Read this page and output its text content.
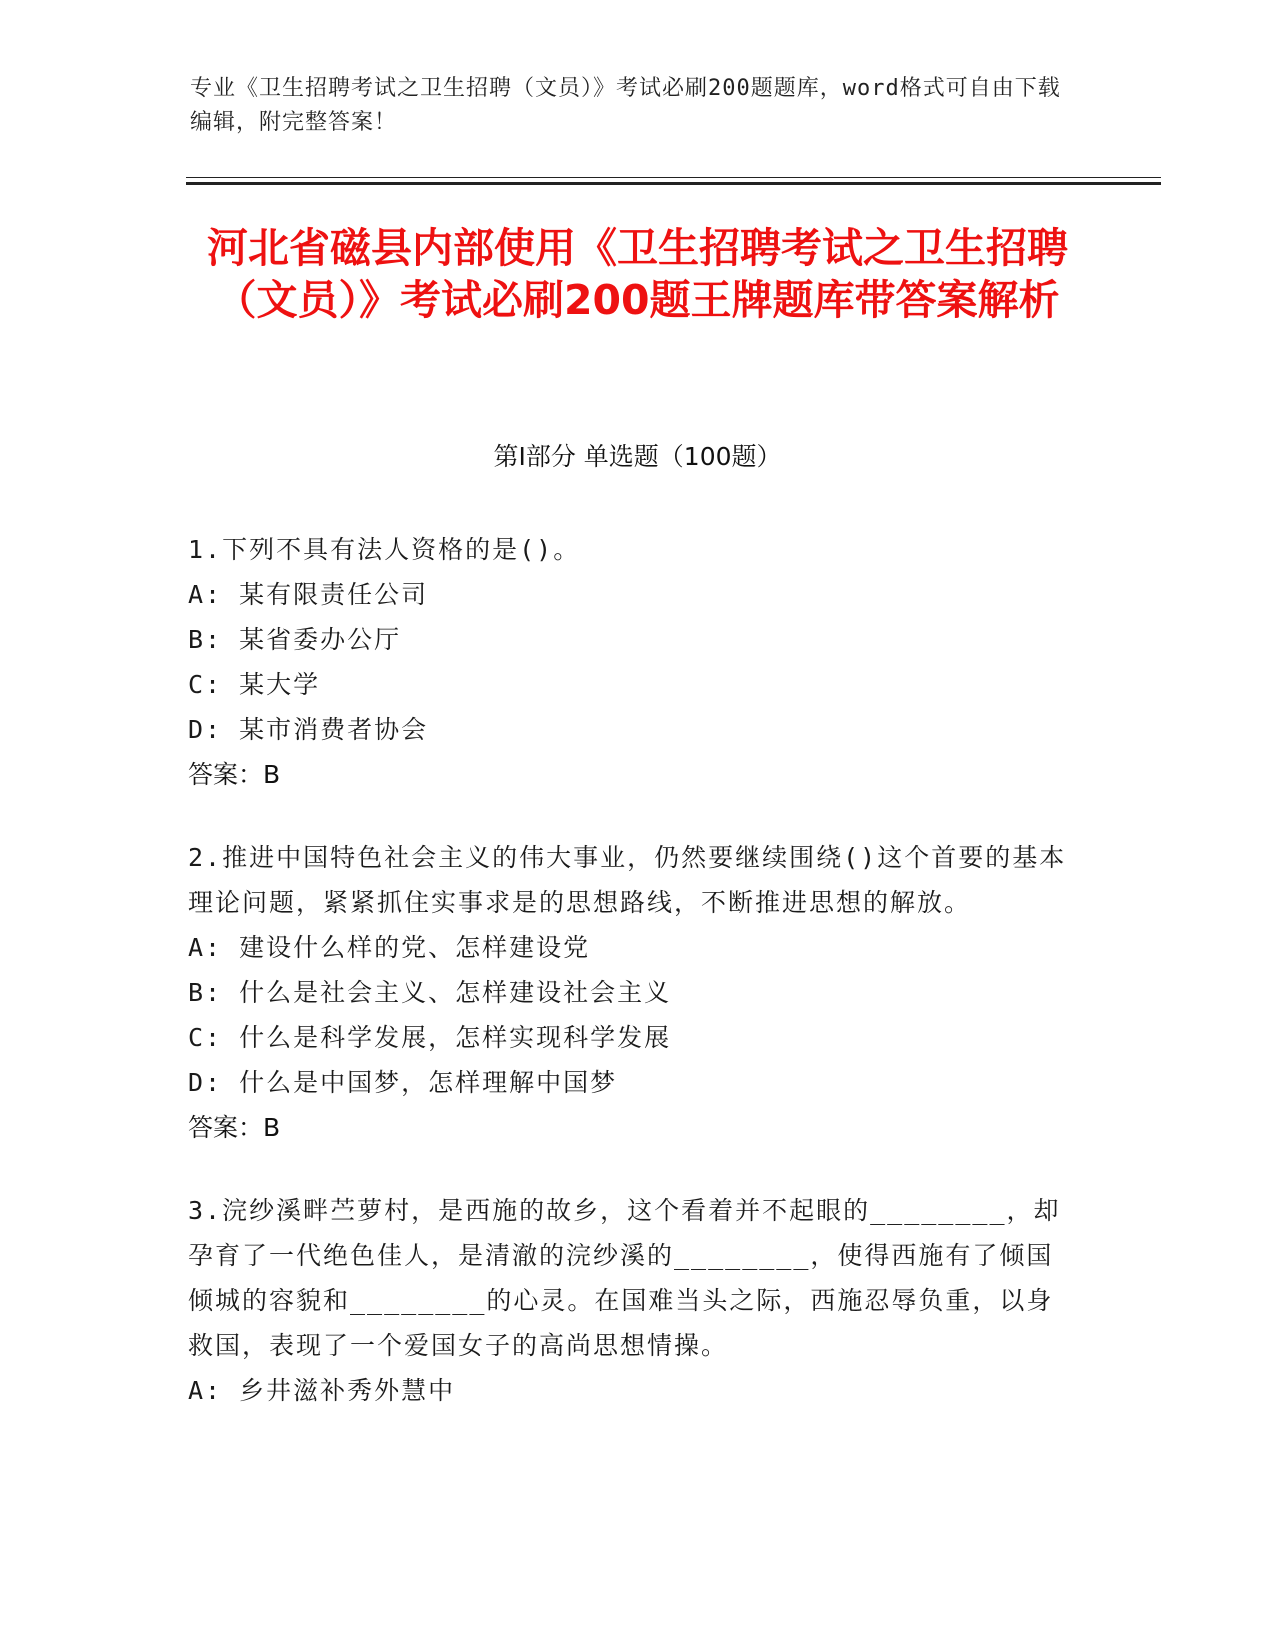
专业《卫生招聘考试之卫生招聘（文员）》考试必刷200题题库，word格式可自由下载编辑，附完整答案！
河北省磁县内部使用《卫生招聘考试之卫生招聘（文员）》考试必刷200题王牌题库带答案解析
第Ⅰ部分 单选题（100题）

1.下列不具有法人资格的是()。

A: 某有限责任公司

B: 某省委办公厅

C: 某大学

D: 某市消费者协会

答案：B

2.推进中国特色社会主义的伟大事业，仍然要继续围绕()这个首要的基本理论问题，紧紧抓住实事求是的思想路线，不断推进思想的解放。

A: 建设什么样的党、怎样建设党

B: 什么是社会主义、怎样建设社会主义

C: 什么是科学发展，怎样实现科学发展

D: 什么是中国梦，怎样理解中国梦

答案：B

3.浣纱溪畔苎萝村，是西施的故乡，这个看着并不起眼的________，却孕育了一代绝色佳人，是清澈的浣纱溪的________，使得西施有了倾国倾城的容貌和________的心灵。在国难当头之际，西施忍辱负重，以身救国，表现了一个爱国女子的高尚思想情操。

A: 乡井滋补秀外慧中
